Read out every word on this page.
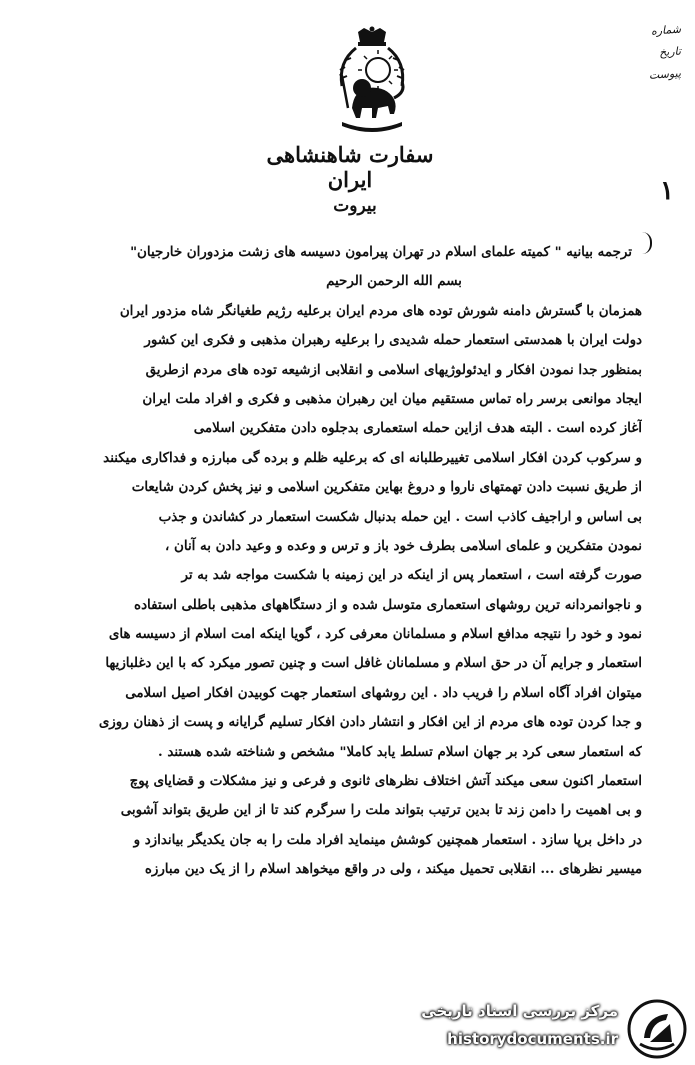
سفارت شاهنشاهی ایران
بیروت
شماره
تاریخ
پیوست
۱
ترجمه بیانیه " کمیته علمای اسلام در تهران پیرامون دسیسه های زشت مزدوران خارجیان"
بسم الله الرحمن الرحیم
همزمان با گسترش دامنه شورش توده های مردم ایران برعلیه رژیم طغیانگر شاه مزدور ایران
دولت ایران با همدستی استعمار حمله شدیدی را برعلیه رهبران مذهبی و فکری این کشور
بمنظور جدا نمودن افکار و ایدئولوژیهای اسلامی و انقلابی ازشیعه توده های مردم ازطریق
ایجاد موانعی برسر راه تماس مستقیم میان این رهبران مذهبی و فکری و افراد ملت ایران
آغاز کرده است . البته هدف ازاین حمله استعماری بدجلوه دادن متفکرین اسلامی
و سرکوب کردن افکار اسلامی تغییرطلبانه ای که برعلیه ظلم و برده گی مبارزه و فداکاری میکنند
از طریق نسبت دادن تهمتهای ناروا و دروغ بهاین متفکرین اسلامی و نیز پخش کردن شایعات
بی اساس و اراجیف کاذب است . این حمله بدنبال شکست استعمار در کشاندن و جذب
نمودن متفکرین و علمای اسلامی بطرف خود باز و ترس و وعده و وعید دادن به آنان ،
صورت گرفته است ، استعمار پس از اینکه در این زمینه با شکست مواجه شد به تر
و ناجوانمردانه ترین روشهای استعماری متوسل شده و از دستگاههای مذهبی باطلی استفاده
نمود و خود را نتیجه مدافع اسلام و مسلمانان معرفی کرد ، گویا اینکه امت اسلام از دسیسه های
استعمار و جرایم آن در حق اسلام و مسلمانان غافل است و چنین تصور میکرد که با این دغلبازیها
میتوان افراد آگاه اسلام را فریب داد . این روشهای استعمار جهت کوبیدن افکار اصیل اسلامی
و جدا کردن توده های مردم از این افکار و انتشار دادن افکار تسلیم گرایانه و پست از ذهنان روزی
که استعمار سعی کرد بر جهان اسلام تسلط یابد کاملا" مشخص و شناخته شده هستند .
استعمار اکنون سعی میکند آتش اختلاف نظرهای ثانوی و فرعی و نیز مشکلات و قضایای پوچ
و بی اهمیت را دامن زند تا بدین ترتیب بتواند ملت را سرگرم کند تا از این طریق بتواند آشوبی
در داخل برپا سازد . استعمار همچنین کوشش مینماید افراد ملت را به جان یکدیگر بیاندازد و
میسیر نظرهای ... انقلابی تحمیل میکند ، ولی در واقع میخواهد اسلام را از یک دین مبارزه
مرکز بررسی اسناد تاریخی
historydocuments.ir
